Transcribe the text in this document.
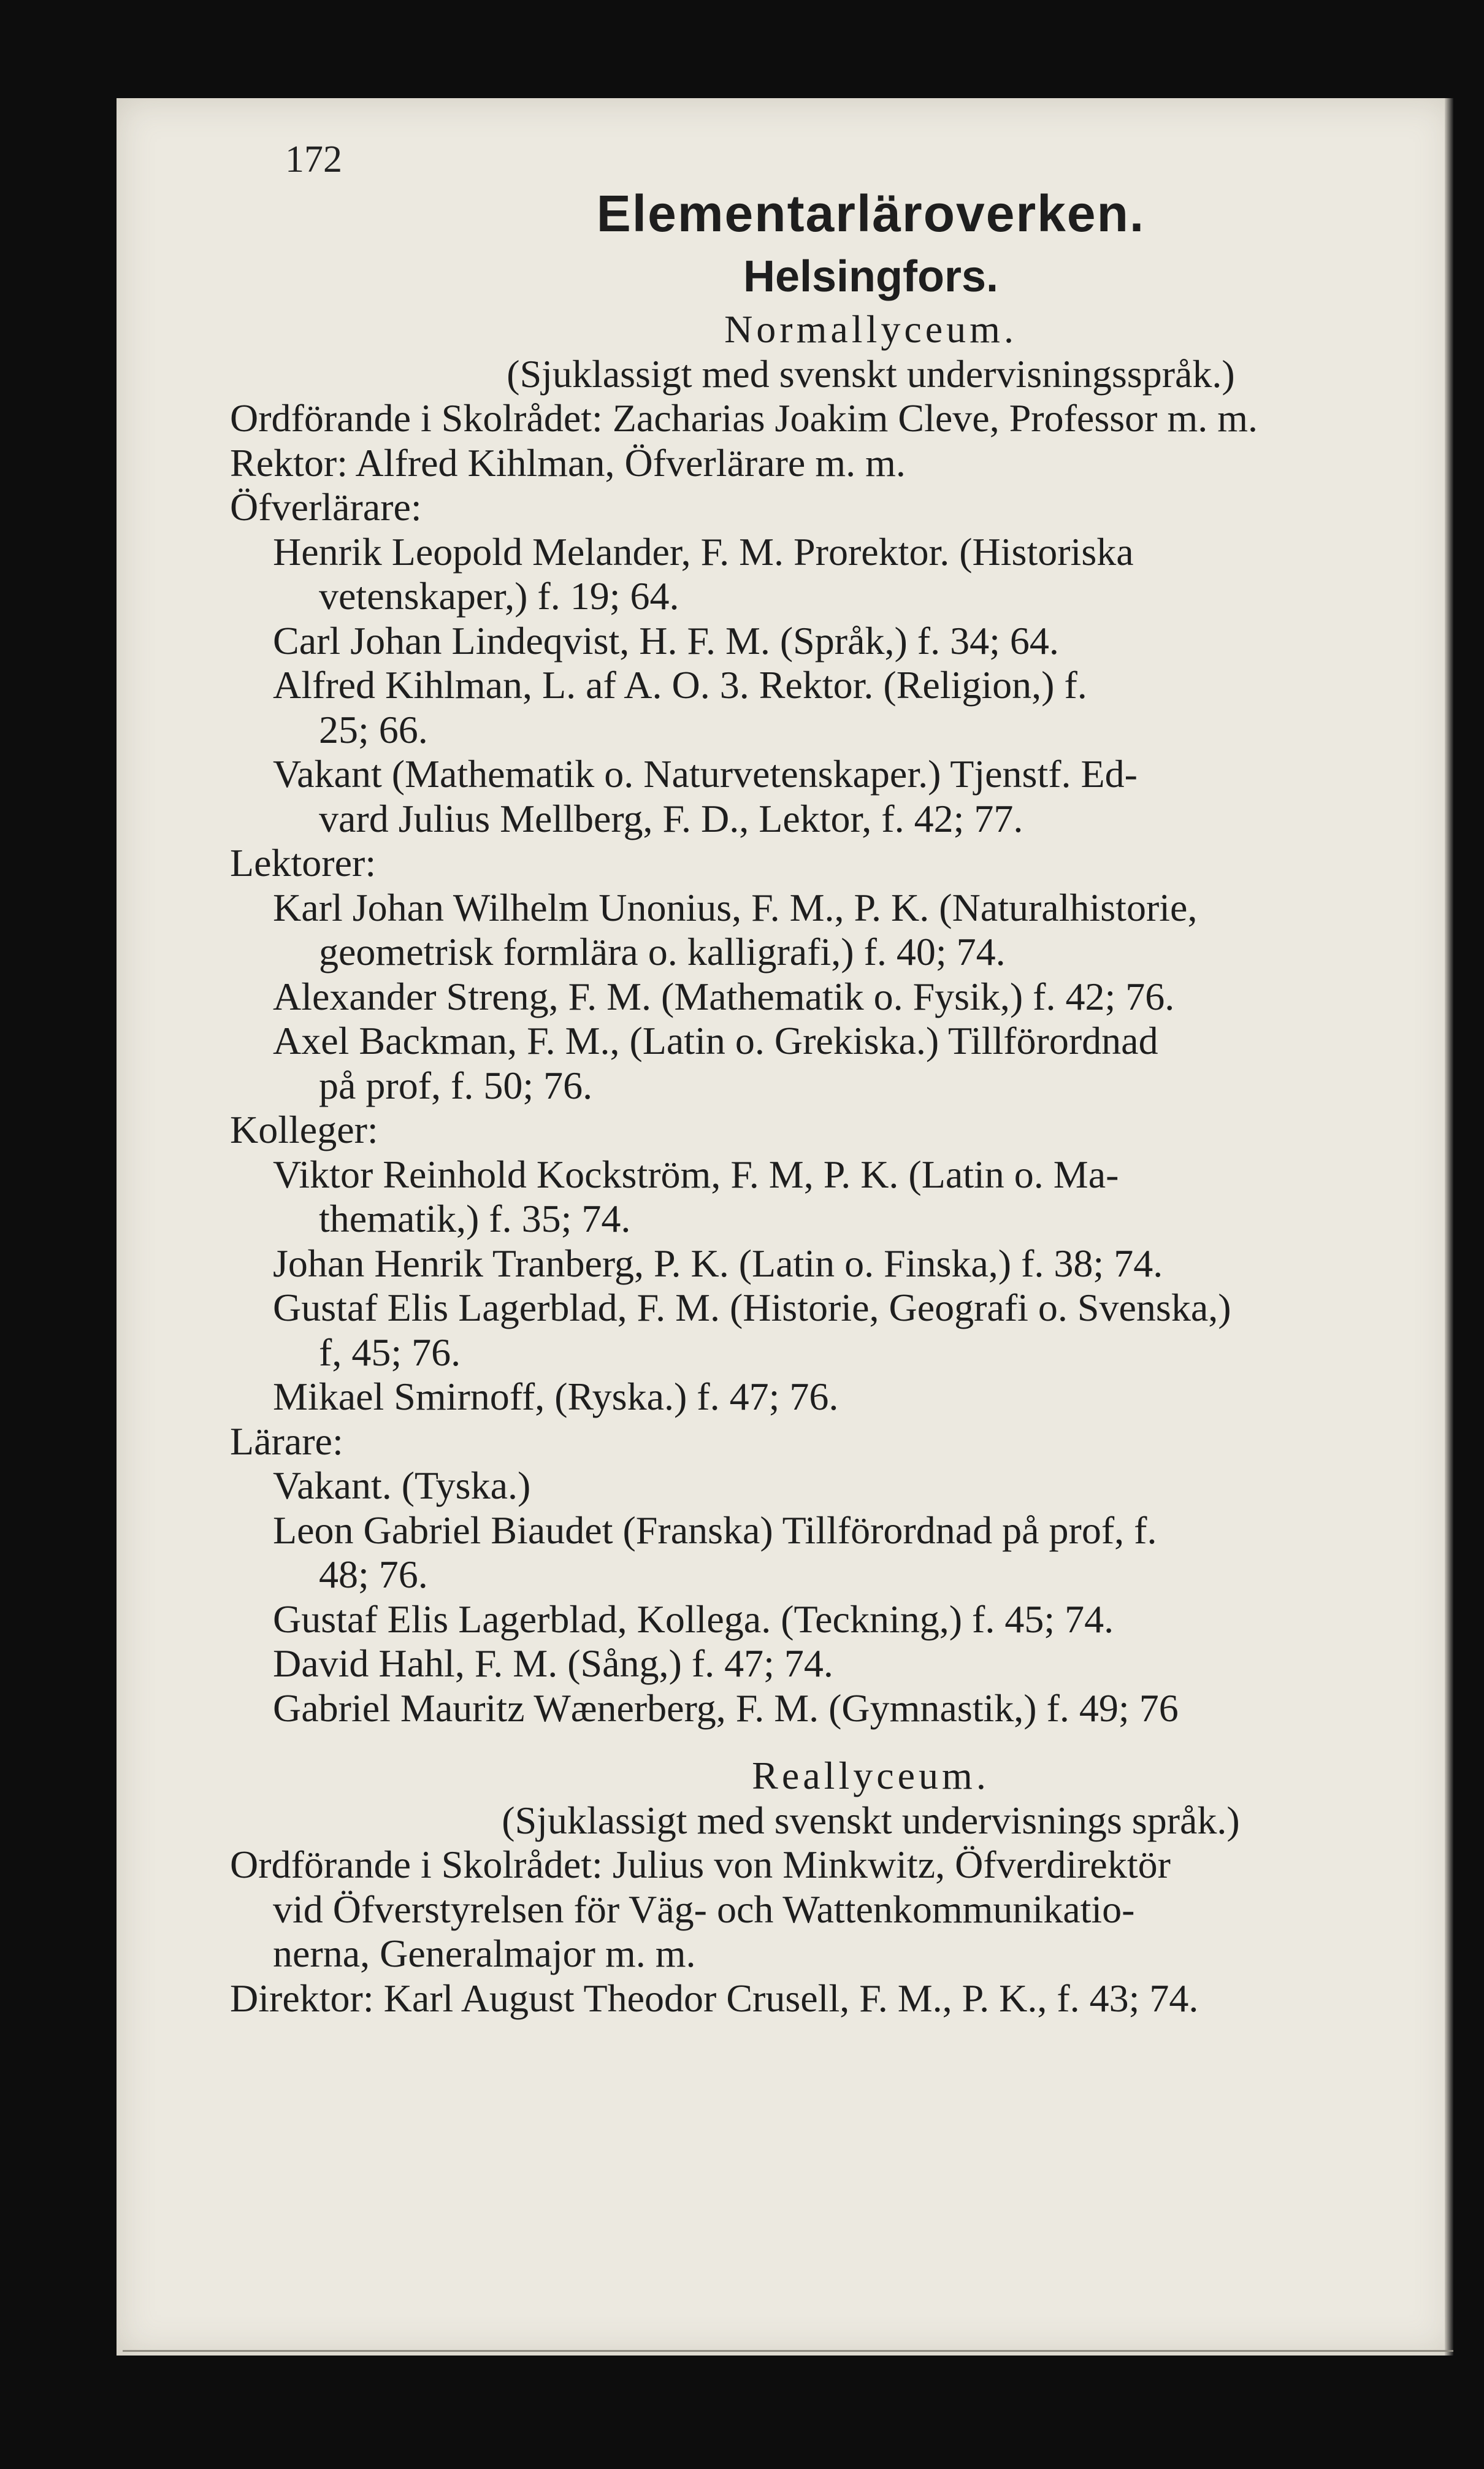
172
Elementarläroverken.
Helsingfors.
Normallyceum.
(Sjuklassigt med svenskt undervisningsspråk.)
Ordförande i Skolrådet: Zacharias Joakim Cleve, Professor m. m.
Rektor: Alfred Kihlman, Öfverlärare m. m.
Öfverlärare:
Henrik Leopold Melander, F. M. Prorektor. (Historiska
vetenskaper,) f. 19; 64.
Carl Johan Lindeqvist, H. F. M. (Språk,) f. 34; 64.
Alfred Kihlman, L. af A. O. 3. Rektor. (Religion,) f.
25; 66.
Vakant (Mathematik o. Naturvetenskaper.) Tjenstf. Ed-
vard Julius Mellberg, F. D., Lektor, f. 42; 77.
Lektorer:
Karl Johan Wilhelm Unonius, F. M., P. K. (Naturalhistorie,
geometrisk formlära o. kalligrafi,) f. 40; 74.
Alexander Streng, F. M. (Mathematik o. Fysik,) f. 42; 76.
Axel Backman, F. M., (Latin o. Grekiska.) Tillförordnad
på prof, f. 50; 76.
Kolleger:
Viktor Reinhold Kockström, F. M, P. K. (Latin o. Ma-
thematik,) f. 35; 74.
Johan Henrik Tranberg, P. K. (Latin o. Finska,) f. 38; 74.
Gustaf Elis Lagerblad, F. M. (Historie, Geografi o. Svenska,)
f, 45; 76.
Mikael Smirnoff, (Ryska.) f. 47; 76.
Lärare:
Vakant. (Tyska.)
Leon Gabriel Biaudet (Franska) Tillförordnad på prof, f.
48; 76.
Gustaf Elis Lagerblad, Kollega. (Teckning,) f. 45; 74.
David Hahl, F. M. (Sång,) f. 47; 74.
Gabriel Mauritz Wænerberg, F. M. (Gymnastik,) f. 49; 76
Reallyceum.
(Sjuklassigt med svenskt undervisnings språk.)
Ordförande i Skolrådet: Julius von Minkwitz, Öfverdirektör
vid Öfverstyrelsen för Väg- och Wattenkommunikatio-
nerna, Generalmajor m. m.
Direktor: Karl August Theodor Crusell, F. M., P. K., f. 43; 74.
